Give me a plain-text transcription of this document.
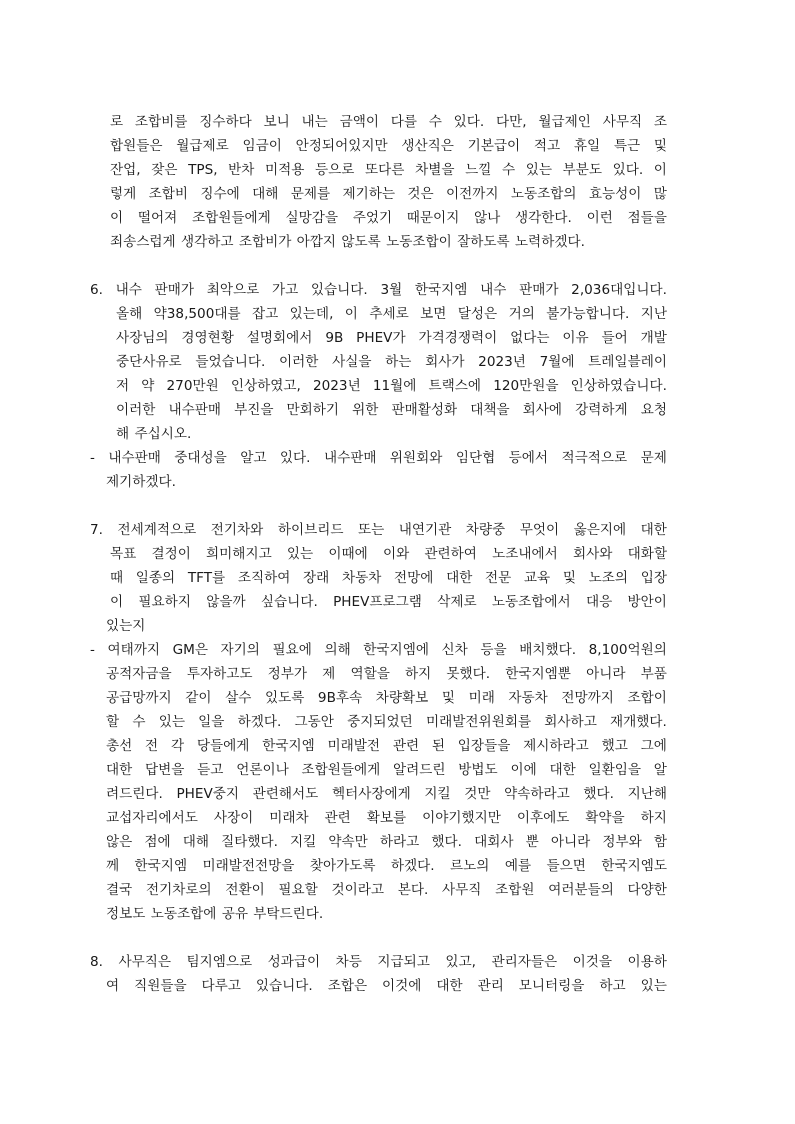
로 조합비를 징수하다 보니 내는 금액이 다를 수 있다. 다만, 월급제인 사무직 조
합원들은 월급제로 임금이 안정되어있지만 생산직은 기본급이 적고 휴일 특근 및
잔업, 잦은 TPS, 반차 미적용 등으로 또다른 차별을 느낄 수 있는 부분도 있다. 이
렇게 조합비 징수에 대해 문제를 제기하는 것은 이전까지 노동조합의 효능성이 많
이 떨어져 조합원들에게 실망감을 주었기 때문이지 않나 생각한다. 이런 점들을
죄송스럽게 생각하고 조합비가 아깝지 않도록 노동조합이 잘하도록 노력하겠다.
6. 내수 판매가 최악으로 가고 있습니다. 3월 한국지엠 내수 판매가 2,036대입니다.
올해 약38,500대를 잡고 있는데, 이 추세로 보면 달성은 거의 불가능합니다. 지난
사장님의 경영현황 설명회에서 9B PHEV가 가격경쟁력이 없다는 이유 들어 개발
중단사유로 들었습니다. 이러한 사실을 하는 회사가 2023년 7월에 트레일블레이
저 약 270만원 인상하였고, 2023년 11월에 트랙스에 120만원을 인상하였습니다.
이러한 내수판매 부진을 만회하기 위한 판매활성화 대책을 회사에 강력하게 요청
해 주십시오.
- 내수판매 중대성을 알고 있다. 내수판매 위원회와 임단협 등에서 적극적으로 문제
제기하겠다.
7. 전세계적으로 전기차와 하이브리드 또는 내연기관 차량중 무엇이 옳은지에 대한
목표 결정이 희미해지고 있는 이때에 이와 관련하여 노조내에서 회사와 대화할
때 일종의 TFT를 조직하여 장래 차동차 전망에 대한 전문 교육 및 노조의 입장
이 필요하지 않을까 싶습니다. PHEV프로그램 삭제로 노동조합에서 대응 방안이
있는지
- 여태까지 GM은 자기의 필요에 의해 한국지엠에 신차 등을 배치했다. 8,100억원의
공적자금을 투자하고도 정부가 제 역할을 하지 못했다. 한국지엠뿐 아니라 부품
공급망까지 같이 살수 있도록 9B후속 차량확보 및 미래 자동차 전망까지 조합이
할 수 있는 일을 하겠다. 그동안 중지되었던 미래발전위원회를 회사하고 재개했다.
총선 전 각 당들에게 한국지엠 미래발전 관련 된 입장들을 제시하라고 했고 그에
대한 답변을 듣고 언론이나 조합원들에게 알려드린 방법도 이에 대한 일환임을 알
려드린다. PHEV중지 관련해서도 헥터사장에게 지킬 것만 약속하라고 했다. 지난해
교섭자리에서도 사장이 미래차 관련 확보를 이야기했지만 이후에도 확약을 하지
않은 점에 대해 질타했다. 지킬 약속만 하라고 했다. 대회사 뿐 아니라 정부와 함
께 한국지엠 미래발전전망을 찾아가도록 하겠다. 르노의 예를 들으면 한국지엠도
결국 전기차로의 전환이 필요할 것이라고 본다. 사무직 조합원 여러분들의 다양한
정보도 노동조합에 공유 부탁드린다.
8. 사무직은 팀지엠으로 성과급이 차등 지급되고 있고, 관리자들은 이것을 이용하
여 직원들을 다루고 있습니다. 조합은 이것에 대한 관리 모니터링을 하고 있는
